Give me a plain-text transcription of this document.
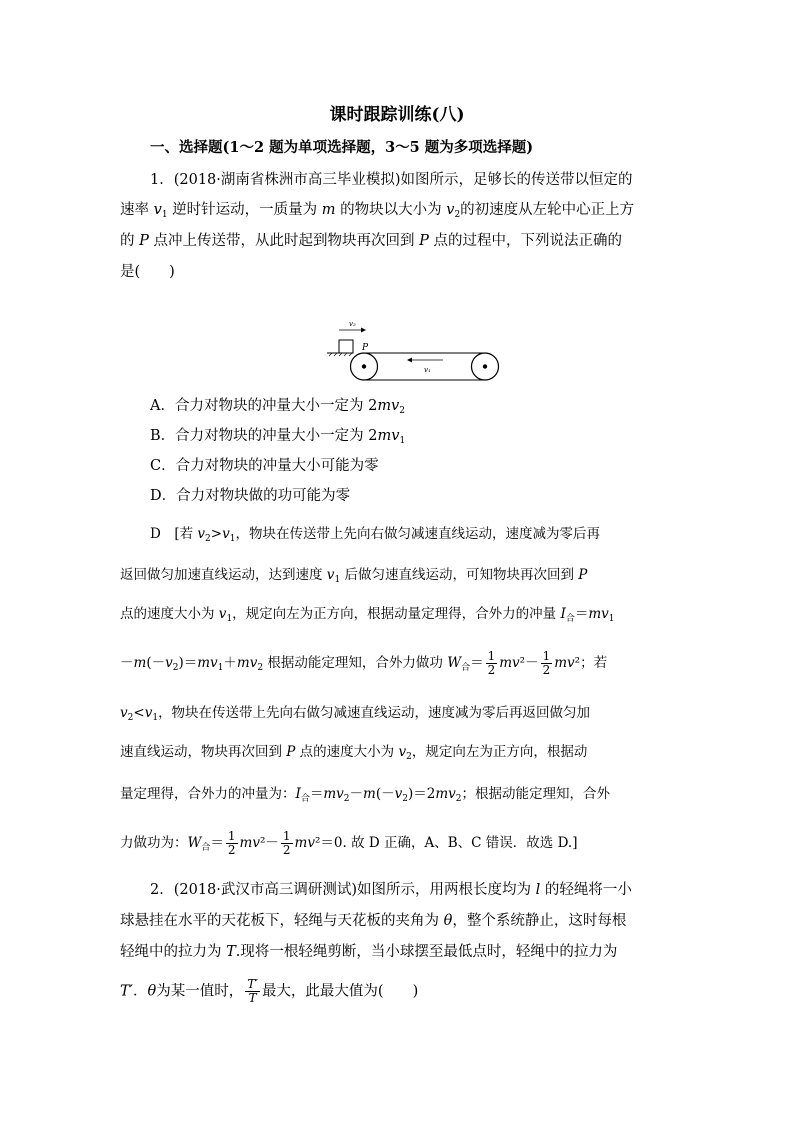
课时跟踪训练(八)
一、选择题(1～2 题为单项选择题，3～5 题为多项选择题)
1．(2018·湖南省株洲市高三毕业模拟)如图所示，足够长的传送带以恒定的
速率 $v_1$ 逆时针运动，一质量为 m 的物块以大小为 $v_2$的初速度从左轮中心正上方
的 P 点冲上传送带，从此时起到物块再次回到 P 点的过程中，下列说法正确的
是(　　)
v₂
P
v₁
A．合力对物块的冲量大小一定为 $2mv_2$
B．合力对物块的冲量大小一定为 $2mv_1$
C．合力对物块的冲量大小可能为零
D．合力对物块做的功可能为零
D　[若 $v_2>v_1$，物块在传送带上先向右做匀减速直线运动，速度减为零后再
返回做匀加速直线运动，达到速度 $v_1$ 后做匀速直线运动，可知物块再次回到 P
点的速度大小为 $v_1$，规定向左为正方向，根据动量定理得，合外力的冲量 $I_合=mv_1$
$-m(-v_2)=mv_1+mv_2$ 根据动能定理知，合外力做功 $W_合= \frac{1}{2} mv^2- \frac{1}{2} mv^2$；若
$v_2<v_1$，物块在传送带上先向右做匀减速直线运动，速度减为零后再返回做匀加
速直线运动，物块再次回到 P 点的速度大小为 $v_2$，规定向左为正方向，根据动
量定理得，合外力的冲量为：$I_合=mv_2-m(-v_2)=2mv_2$；根据动能定理知，合外
力做功为：$W_合= \frac{1}{2} mv^2- \frac{1}{2} mv^2=0$. 故 D 正确，A、B、C 错误．故选 D.]
2．(2018·武汉市高三调研测试)如图所示，用两根长度均为 l 的轻绳将一小
球悬挂在水平的天花板下，轻绳与天花板的夹角为 θ，整个系统静止，这时每根
轻绳中的拉力为 T.现将一根轻绳剪断，当小球摆至最低点时，轻绳中的拉力为
T′．θ为某一值时， $\frac{T'}{T}$ 最大，此最大值为(　　)
